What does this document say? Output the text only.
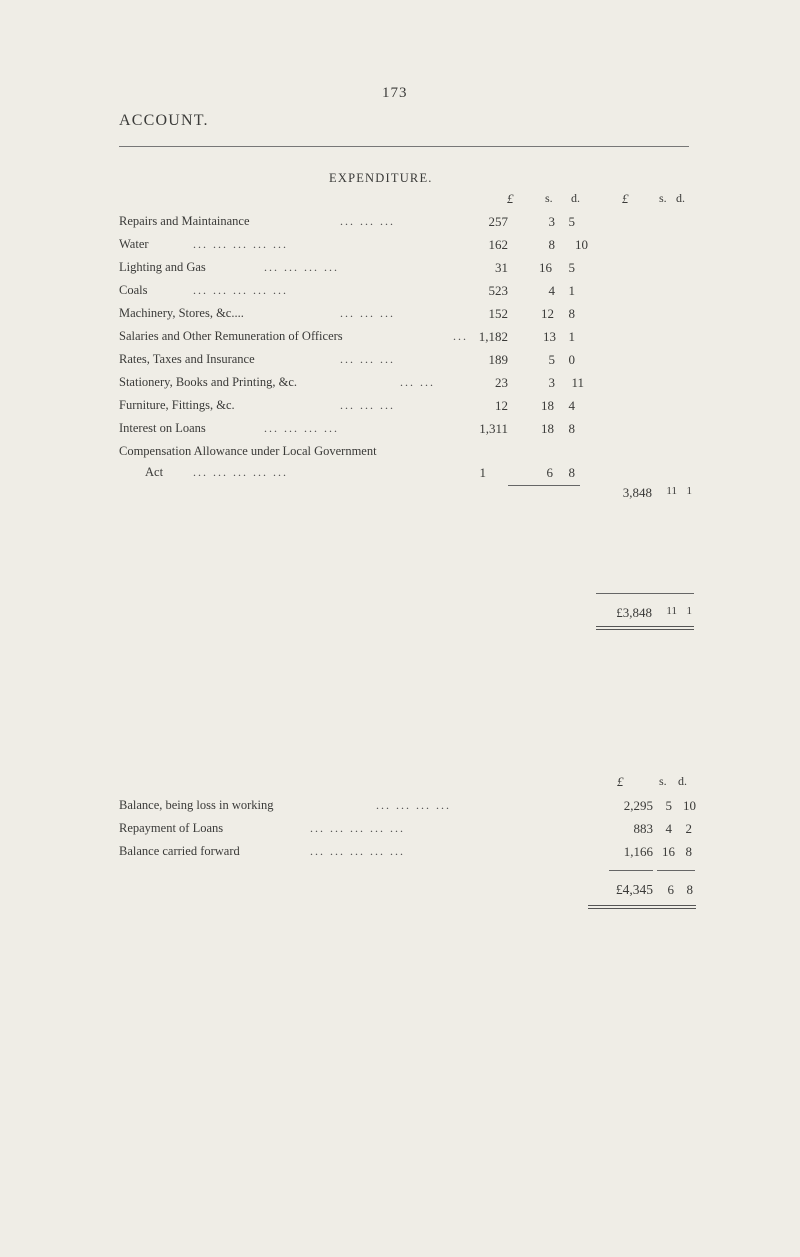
173
ACCOUNT.
EXPENDITURE.
£	s. d.	£	s. d.
Repairs and Maintainance	... ... ...	257	3 5
Water	... ... ... ... ...	162	8 10
Lighting and Gas	... ... ... ...	31 16 5
Coals	... ... ... ... ...	523	4 1
Machinery, Stores, &c....	... ... ...	152	12 8
Salaries and Other Remuneration of Officers	... 1,182	13 1
Rates, Taxes and Insurance	... ... ...	189	5 0
Stationery, Books and Printing, &c.	... ...	23	3 11
Furniture, Fittings, &c.	... ... ...	12	18 4
Interest on Loans	... ... ... ...	1,311	18 8
Compensation Allowance under Local Government
Act ... ... ... ... ...	1	6 8
3,848 11 1
£3,848 11 1
£	s. d.
Balance, being loss in working	... ... ... ...	2,295 5 10
Repayment of Loans	... ... ... ... ...	883 4 2
Balance carried forward	... ... ... ... ...	1,166 16 8
£4,345 6 8
